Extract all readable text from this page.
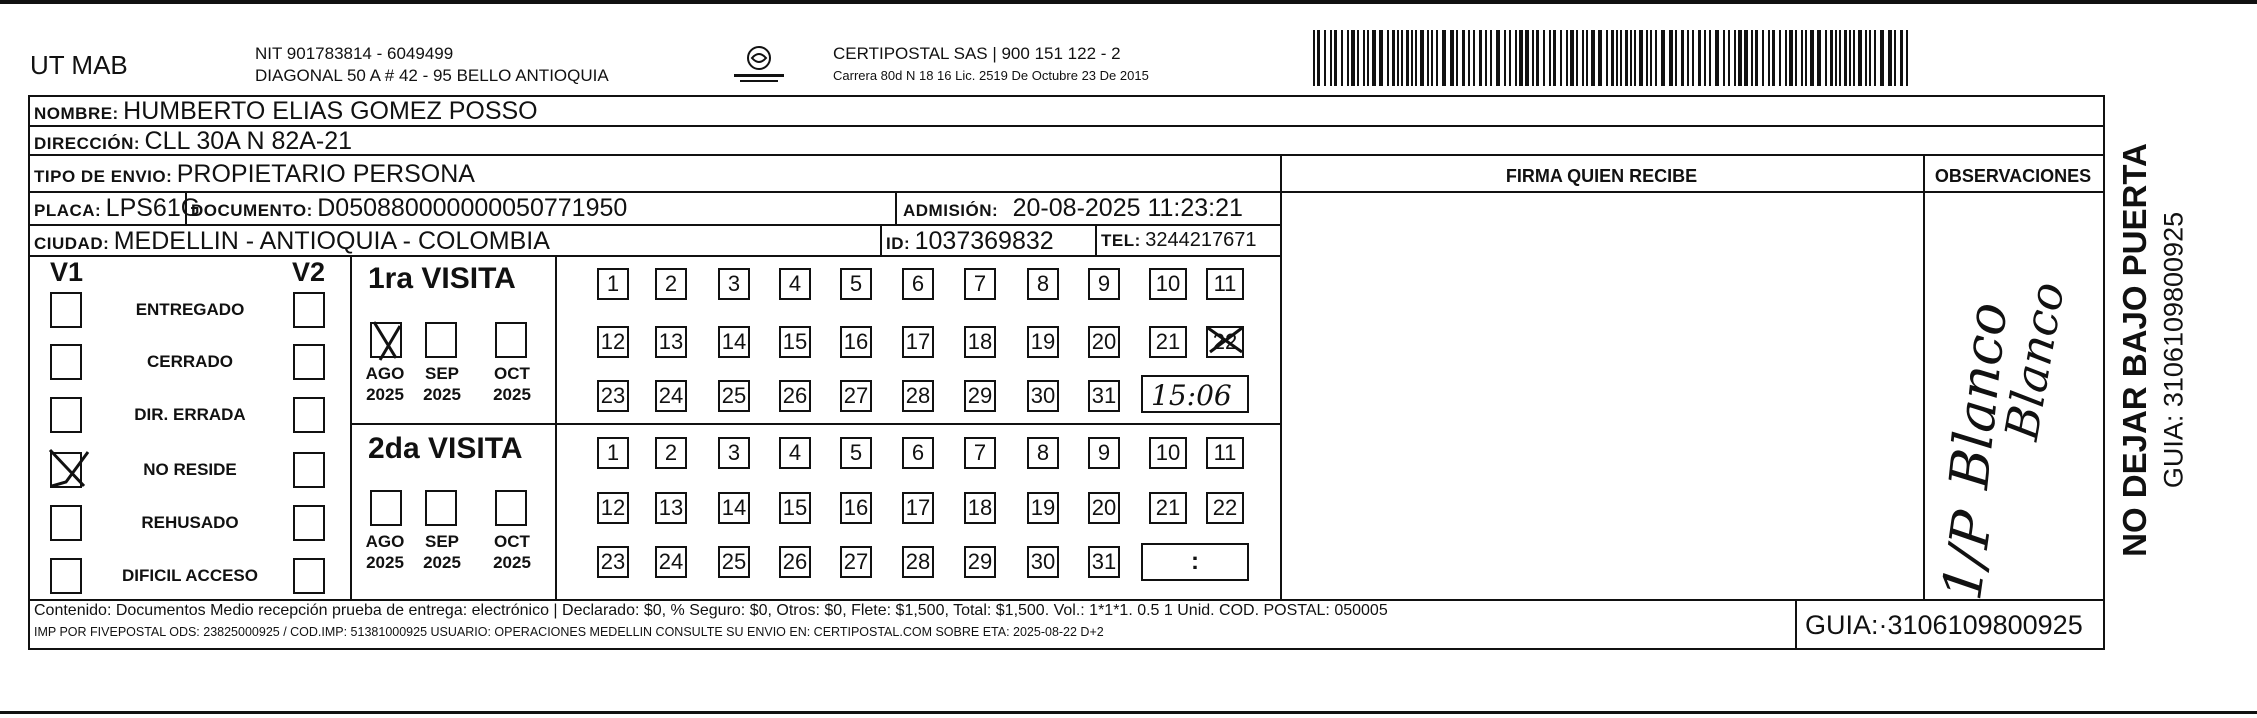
UT MAB	NIT 901783814 - 6049499
DIAGONAL 50 A # 42 - 95 BELLO ANTIOQUIA
CERTIPOSTAL SAS | 900 151 122 - 2
Carrera 80d N 18 16 Lic. 2519 De Octubre 23 De 2015
NOMBRE: HUMBERTO ELIAS GOMEZ POSSO
DIRECCIÓN: CLL 30A N 82A-21
TIPO DE ENVIO: PROPIETARIO PERSONA	FIRMA QUIEN RECIBE	OBSERVACIONES
PLACA: LPS61G
DOCUMENTO: D050880000000050771950	ADMISIÓN: 20-08-2025 11:23:21
CIUDAD: MEDELLIN - ANTIOQUIA - COLOMBIA	ID: 1037369832	TEL: 3244217671
V1	V2
ENTREGADO
CERRADO
DIR. ERRADA
NO RESIDE
REHUSADO
DIFICIL ACCESO
1ra VISITA
2da VISITA
AGO
2025
SEP
2025
OCT
2025
AGO
2025
SEP
2025
OCT
2025
1	2	3	4	5	6	7	8	9	10	11
12 13 14 15 16 17 18 19 20	21	22
23 24 25 26 27 28 29 30 31
1	2	3	4	5	6	7	8	9	10	11
12 13 14 15 16 17 18 19 20	21	22
23 24 25 26 27 28 29 30 31
15:06
:
Blanco
Blanco
1/P	NO DEJAR BAJO PUERTA GUIA: 3106109800925
Contenido: Documentos Medio recepción prueba de entrega: electrónico | Declarado: $0, % Seguro: $0, Otros: $0, Flete: $1,500, Total: $1,500. Vol.: 1*1*1. 0.5 1 Unid. COD. POSTAL: 050005
IMP POR FIVEPOSTAL ODS: 23825000925 / COD.IMP: 51381000925 USUARIO: OPERACIONES MEDELLIN CONSULTE SU ENVIO EN: CERTIPOSTAL.COM SOBRE ETA: 2025-08-22 D+2	GUIA:·3106109800925
